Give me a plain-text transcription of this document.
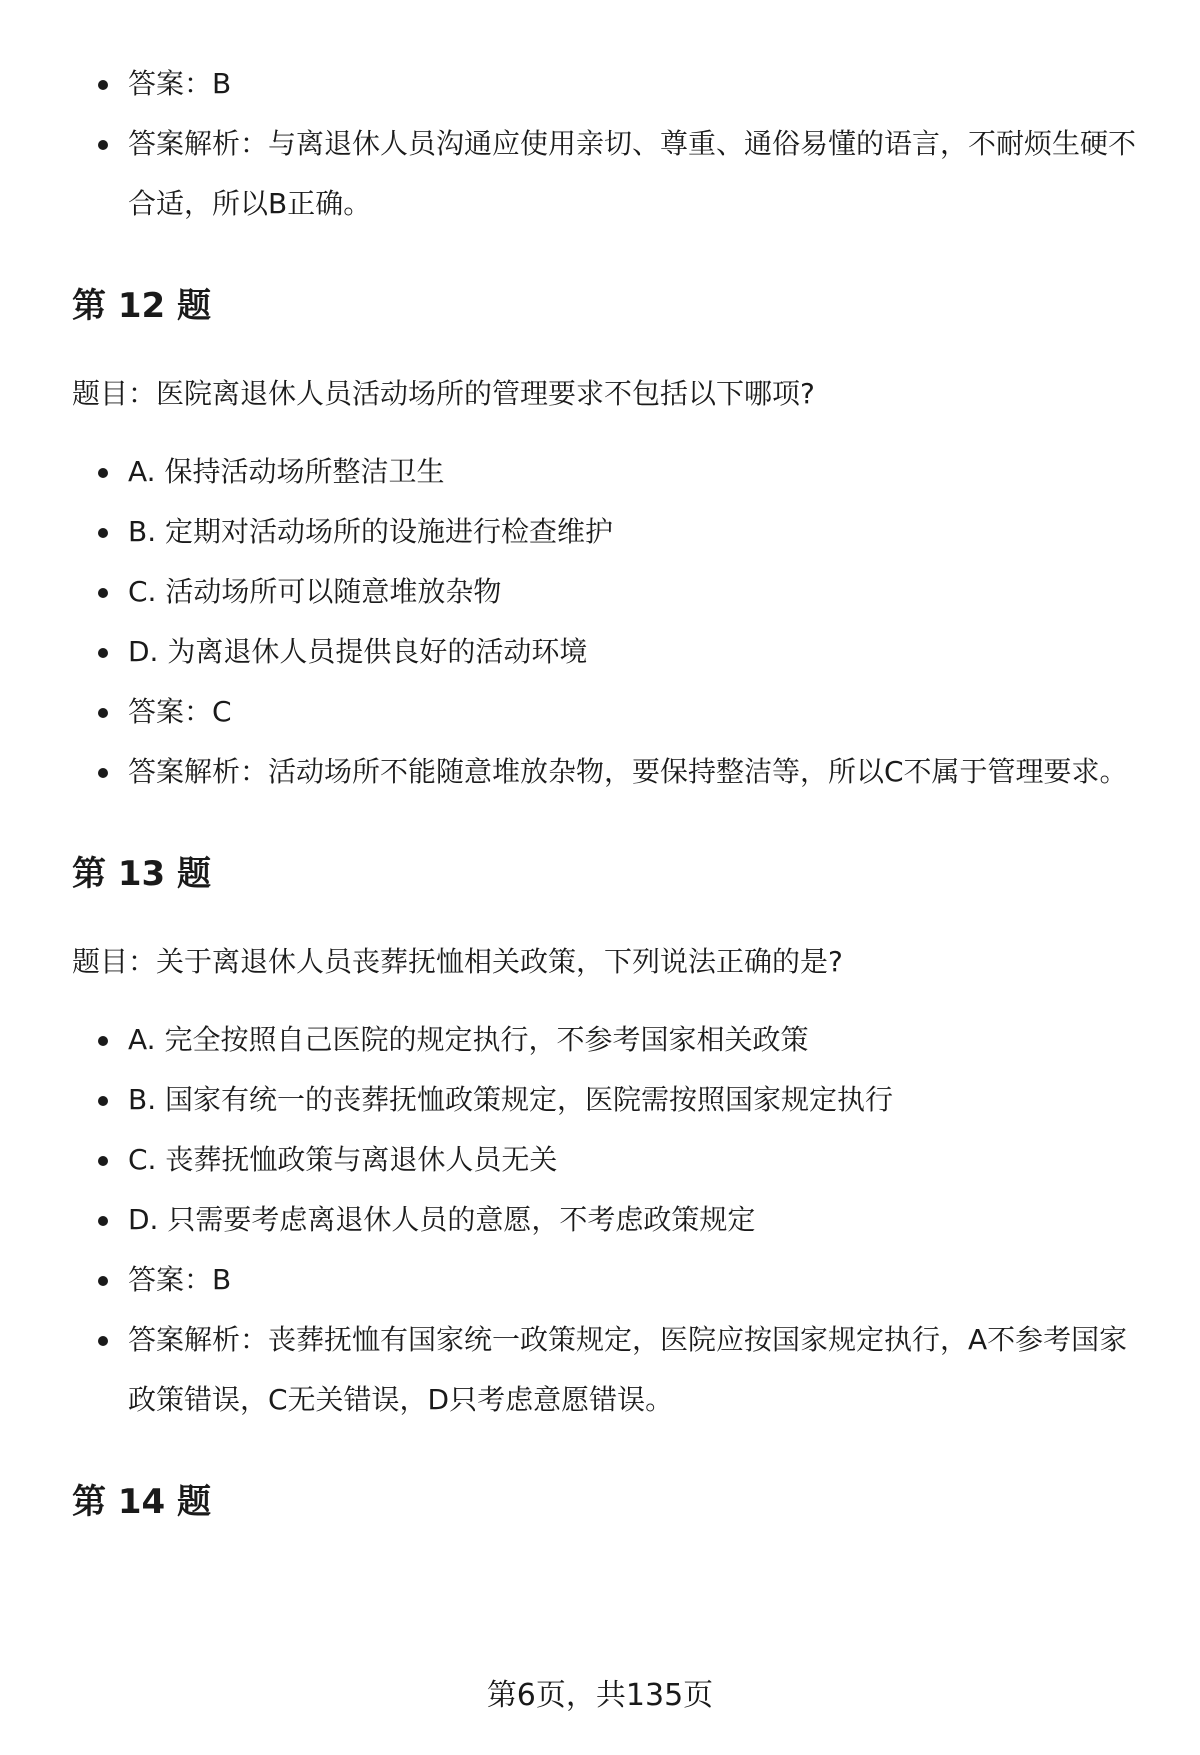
答案：B
答案解析：与离退休人员沟通应使用亲切、尊重、通俗易懂的语言，不耐烦生硬不合适，所以B正确。
第 12 题
题目：医院离退休人员活动场所的管理要求不包括以下哪项?
A. 保持活动场所整洁卫生
B. 定期对活动场所的设施进行检查维护
C. 活动场所可以随意堆放杂物
D. 为离退休人员提供良好的活动环境
答案：C
答案解析：活动场所不能随意堆放杂物，要保持整洁等，所以C不属于管理要求。
第 13 题
题目：关于离退休人员丧葬抚恤相关政策，下列说法正确的是?
A. 完全按照自己医院的规定执行，不参考国家相关政策
B. 国家有统一的丧葬抚恤政策规定，医院需按照国家规定执行
C. 丧葬抚恤政策与离退休人员无关
D. 只需要考虑离退休人员的意愿，不考虑政策规定
答案：B
答案解析：丧葬抚恤有国家统一政策规定，医院应按国家规定执行，A不参考国家政策错误，C无关错误，D只考虑意愿错误。
第 14 题
第6页，共135页
